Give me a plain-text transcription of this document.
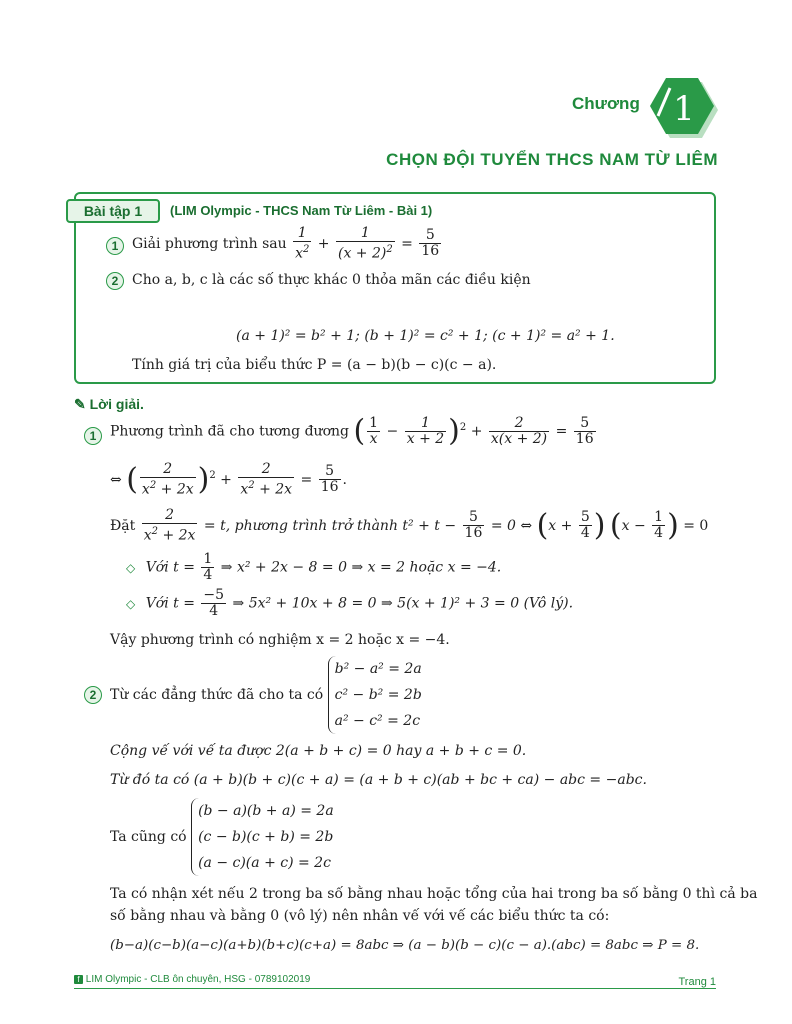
Chương 1
CHỌN ĐỘI TUYỂN THCS NAM TỪ LIÊM
Bài tập 1	(LIM Olympic - THCS Nam Từ Liêm - Bài 1)
1 Giải phương trình sau $\frac{1}{x^2} + \frac{1}{(x + 2)^2} = \frac{5}{16}$
2 Cho a, b, c là các số thực khác 0 thỏa mãn các điều kiện
(a + 1)² = b² + 1; (b + 1)² = c² + 1; (c + 1)² = a² + 1.
Tính giá trị của biểu thức P = (a − b)(b − c)(c − a).
✎ Lời giải.
1 Phương trình đã cho tương đương ( $\frac{1}{x} - \frac{1}{x + 2} )^2 + \frac{2}{x(x + 2)} = \frac{5}{16}$
⇔ ( $\frac{2}{x^2 + 2x} )^2 + \frac{2}{x^2 + 2x} = \frac{5}{16}$ .
Đặt $\frac{2}{x^2 + 2x} = t$, phương trình trở thành $t^2 + t - \frac{5}{16} = 0$ ⇔ ($x + \frac{5}{4}$ ) ($x - \frac{1}{4}$ ) = 0
◇ Với $t = \frac{1}{4}$ ⇒ x² + 2x − 8 = 0 ⇒ x = 2 hoặc x = −4.
◇ Với $t = \frac{-5}{4}$ ⇒ 5x² + 10x + 8 = 0 ⇒ 5(x + 1)² + 3 = 0 (Vô lý).
Vậy phương trình có nghiệm x = 2 hoặc x = −4.
2 Từ các đẳng thức đã cho ta có
b² − a² = 2a
c² − b² = 2b
a² − c² = 2c
Cộng vế với vế ta được 2(a + b + c) = 0 hay a + b + c = 0.
Từ đó ta có (a + b)(b + c)(c + a) = (a + b + c)(ab + bc + ca) − abc = −abc.
Ta cũng có
(b − a)(b + a) = 2a
(c − b)(c + b) = 2b
(a − c)(a + c) = 2c
Ta có nhận xét nếu 2 trong ba số bằng nhau hoặc tổng của hai trong ba số bằng 0 thì cả ba
số bằng nhau và bằng 0 (vô lý) nên nhân vế với vế các biểu thức ta có:
(b−a)(c−b)(a−c)(a+b)(b+c)(c+a) = 8abc ⇒ (a − b)(b − c)(c − a).(abc) = 8abc ⇒ P = 8.
f LIM Olympic - CLB ôn chuyên, HSG - 0789102019	Trang 1
